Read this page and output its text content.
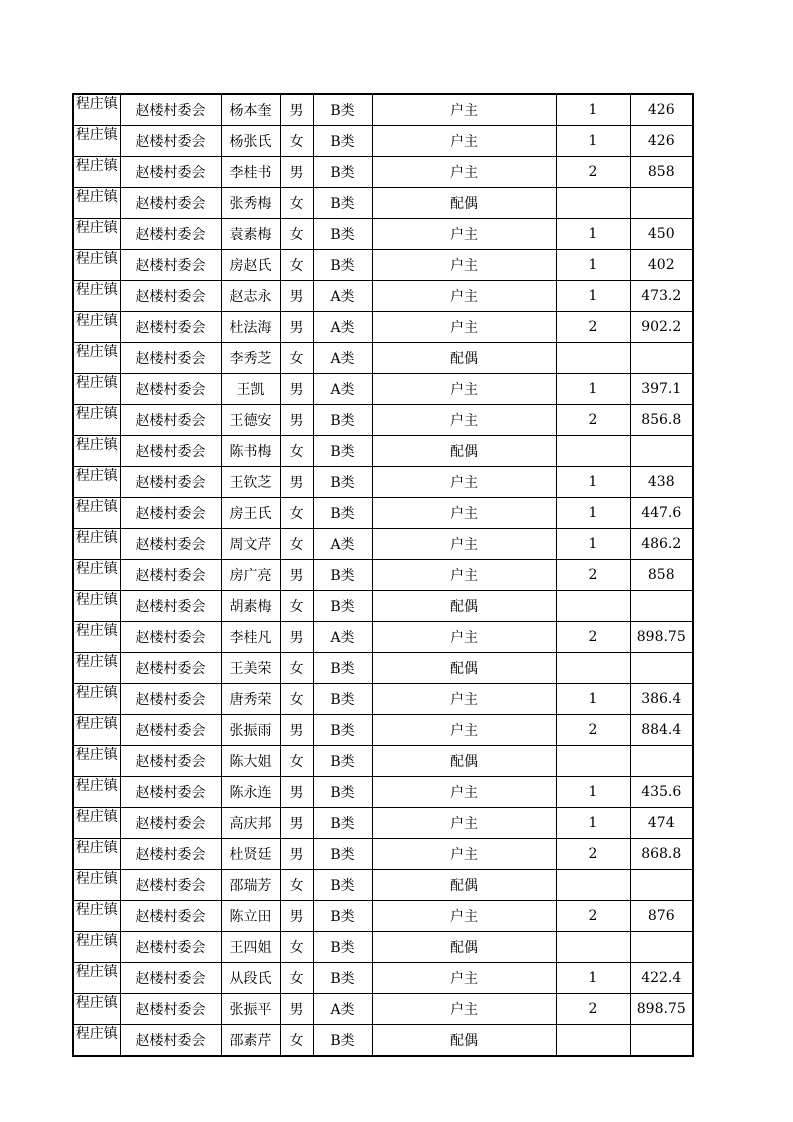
程庄镇	赵楼村委会	杨本奎	男	B类	户主	1	426
程庄镇	赵楼村委会	杨张氏	女	B类	户主	1	426
程庄镇	赵楼村委会	李桂书	男	B类	户主	2	858
程庄镇	赵楼村委会	张秀梅	女	B类	配偶		
程庄镇	赵楼村委会	袁素梅	女	B类	户主	1	450
程庄镇	赵楼村委会	房赵氏	女	B类	户主	1	402
程庄镇	赵楼村委会	赵志永	男	A类	户主	1	473.2
程庄镇	赵楼村委会	杜法海	男	A类	户主	2	902.2
程庄镇	赵楼村委会	李秀芝	女	A类	配偶		
程庄镇	赵楼村委会	王凯	男	A类	户主	1	397.1
程庄镇	赵楼村委会	王德安	男	B类	户主	2	856.8
程庄镇	赵楼村委会	陈书梅	女	B类	配偶		
程庄镇	赵楼村委会	王钦芝	男	B类	户主	1	438
程庄镇	赵楼村委会	房王氏	女	B类	户主	1	447.6
程庄镇	赵楼村委会	周文芹	女	A类	户主	1	486.2
程庄镇	赵楼村委会	房广亮	男	B类	户主	2	858
程庄镇	赵楼村委会	胡素梅	女	B类	配偶		
程庄镇	赵楼村委会	李桂凡	男	A类	户主	2	898.75
程庄镇	赵楼村委会	王美荣	女	B类	配偶		
程庄镇	赵楼村委会	唐秀荣	女	B类	户主	1	386.4
程庄镇	赵楼村委会	张振雨	男	B类	户主	2	884.4
程庄镇	赵楼村委会	陈大姐	女	B类	配偶		
程庄镇	赵楼村委会	陈永连	男	B类	户主	1	435.6
程庄镇	赵楼村委会	高庆邦	男	B类	户主	1	474
程庄镇	赵楼村委会	杜贤廷	男	B类	户主	2	868.8
程庄镇	赵楼村委会	邵瑞芳	女	B类	配偶		
程庄镇	赵楼村委会	陈立田	男	B类	户主	2	876
程庄镇	赵楼村委会	王四姐	女	B类	配偶		
程庄镇	赵楼村委会	从段氏	女	B类	户主	1	422.4
程庄镇	赵楼村委会	张振平	男	A类	户主	2	898.75
程庄镇	赵楼村委会	邵素芹	女	B类	配偶		
